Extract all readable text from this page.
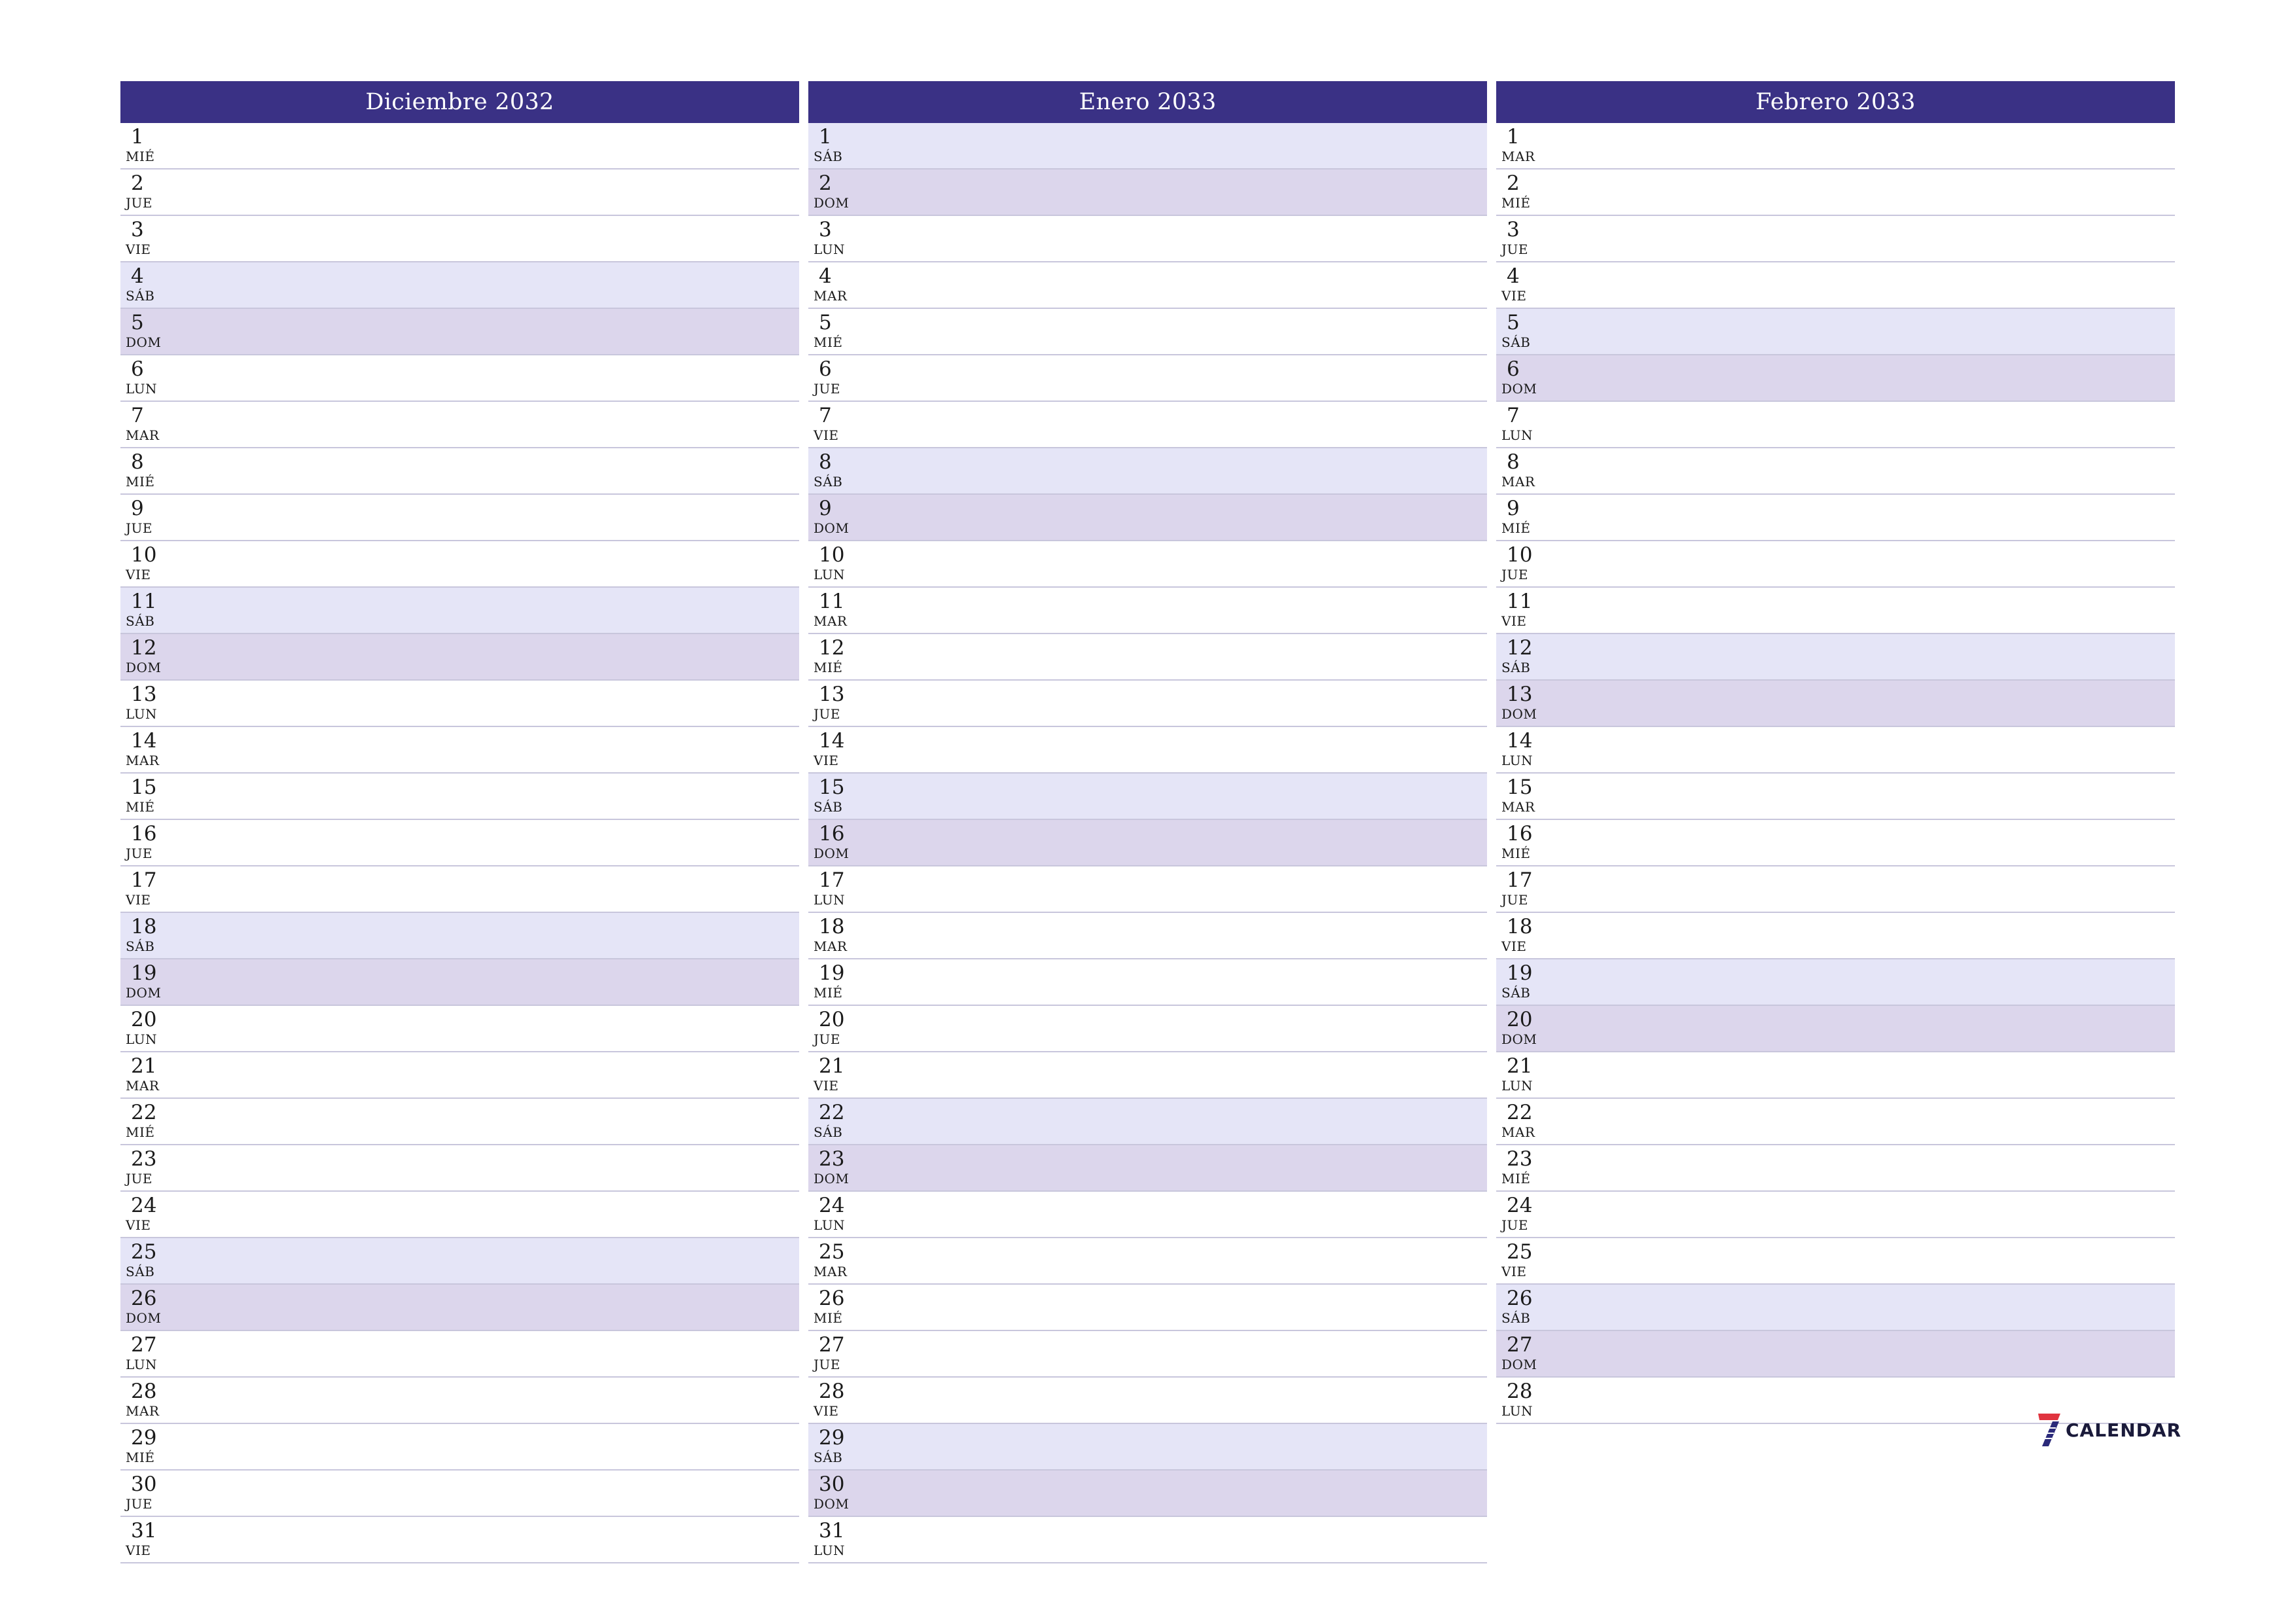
Diciembre 2032
1
MIÉ
2
JUE
3
VIE
4
SÁB
5
DOM
6
LUN
7
MAR
8
MIÉ
9
JUE
10
VIE
11
SÁB
12
DOM
13
LUN
14
MAR
15
MIÉ
16
JUE
17
VIE
18
SÁB
19
DOM
20
LUN
21
MAR
22
MIÉ
23
JUE
24
VIE
25
SÁB
26
DOM
27
LUN
28
MAR
29
MIÉ
30
JUE
31
VIE
Enero 2033
1
SÁB
2
DOM
3
LUN
4
MAR
5
MIÉ
6
JUE
7
VIE
8
SÁB
9
DOM
10
LUN
11
MAR
12
MIÉ
13
JUE
14
VIE
15
SÁB
16
DOM
17
LUN
18
MAR
19
MIÉ
20
JUE
21
VIE
22
SÁB
23
DOM
24
LUN
25
MAR
26
MIÉ
27
JUE
28
VIE
29
SÁB
30
DOM
31
LUN
Febrero 2033
1
MAR
2
MIÉ
3
JUE
4
VIE
5
SÁB
6
DOM
7
LUN
8
MAR
9
MIÉ
10
JUE
11
VIE
12
SÁB
13
DOM
14
LUN
15
MAR
16
MIÉ
17
JUE
18
VIE
19
SÁB
20
DOM
21
LUN
22
MAR
23
MIÉ
24
JUE
25
VIE
26
SÁB
27
DOM
28
LUN
CALENDAR
